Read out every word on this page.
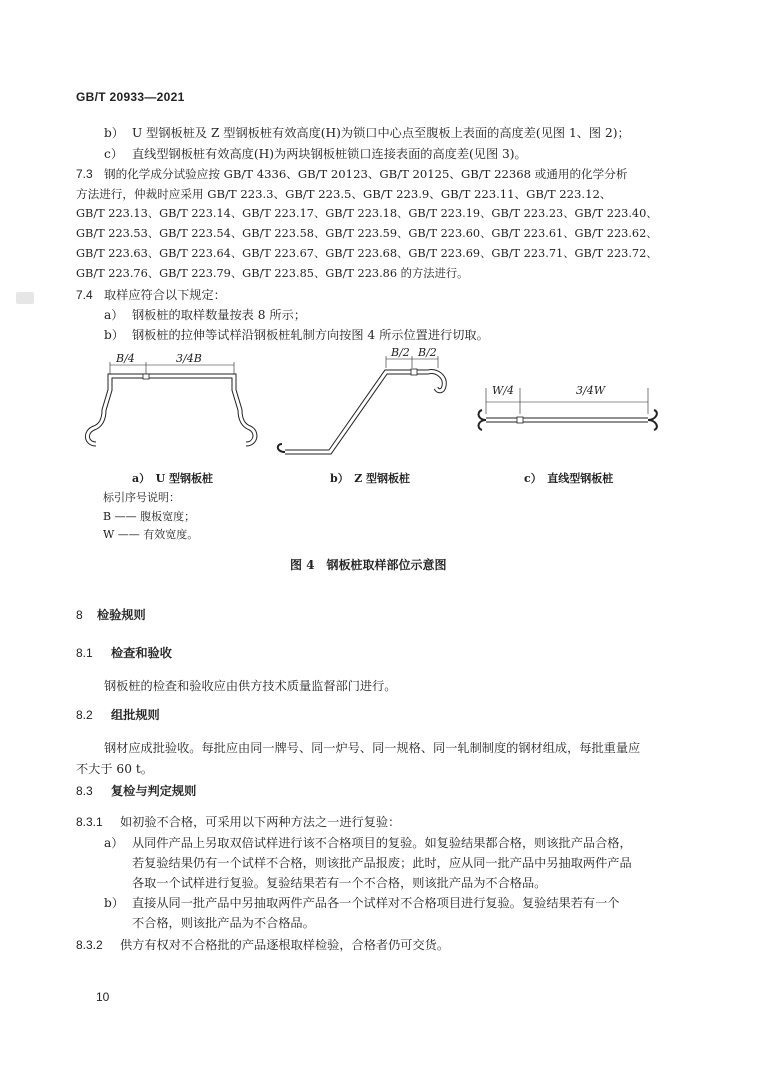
GB/T 20933—2021
b） U 型钢板桩及 Z 型钢板桩有效高度(H)为锁口中心点至腹板上表面的高度差(见图 1、图 2)；
c） 直线型钢板桩有效高度(H)为两块钢板桩锁口连接表面的高度差(见图 3)。
7.3 钢的化学成分试验应按 GB/T 4336、GB/T 20123、GB/T 20125、GB/T 22368 或通用的化学分析
方法进行，仲裁时应采用 GB/T 223.3、GB/T 223.5、GB/T 223.9、GB/T 223.11、GB/T 223.12、
GB/T 223.13、GB/T 223.14、GB/T 223.17、GB/T 223.18、GB/T 223.19、GB/T 223.23、GB/T 223.40、
GB/T 223.53、GB/T 223.54、GB/T 223.58、GB/T 223.59、GB/T 223.60、GB/T 223.61、GB/T 223.62、
GB/T 223.63、GB/T 223.64、GB/T 223.67、GB/T 223.68、GB/T 223.69、GB/T 223.71、GB/T 223.72、
GB/T 223.76、GB/T 223.79、GB/T 223.85、GB/T 223.86 的方法进行。
7.4 取样应符合以下规定：
a） 钢板桩的取样数量按表 8 所示；
b） 钢板桩的拉伸等试样沿钢板桩轧制方向按图 4 所示位置进行切取。
B/4	3/4B	B/2 B/2
W/4	3/4W
a）　U 型钢板桩	b）　Z 型钢板桩	c）　直线型钢板桩
标引序号说明：
B —— 腹板宽度；
W —— 有效宽度。
图 4　钢板桩取样部位示意图
8 检验规则
8.1 检查和验收
钢板桩的检查和验收应由供方技术质量监督部门进行。
8.2 组批规则
钢材应成批验收。每批应由同一牌号、同一炉号、同一规格、同一轧制制度的钢材组成，每批重量应
不大于 60 t。
8.3 复检与判定规则
8.3.1 如初验不合格，可采用以下两种方法之一进行复验：
a） 从同件产品上另取双倍试样进行该不合格项目的复验。如复验结果都合格，则该批产品合格，
若复验结果仍有一个试样不合格，则该批产品报废；此时，应从同一批产品中另抽取两件产品
各取一个试样进行复验。复验结果若有一个不合格，则该批产品为不合格品。
b） 直接从同一批产品中另抽取两件产品各一个试样对不合格项目进行复验。复验结果若有一个
不合格，则该批产品为不合格品。
8.3.2 供方有权对不合格批的产品逐根取样检验，合格者仍可交货。
10
